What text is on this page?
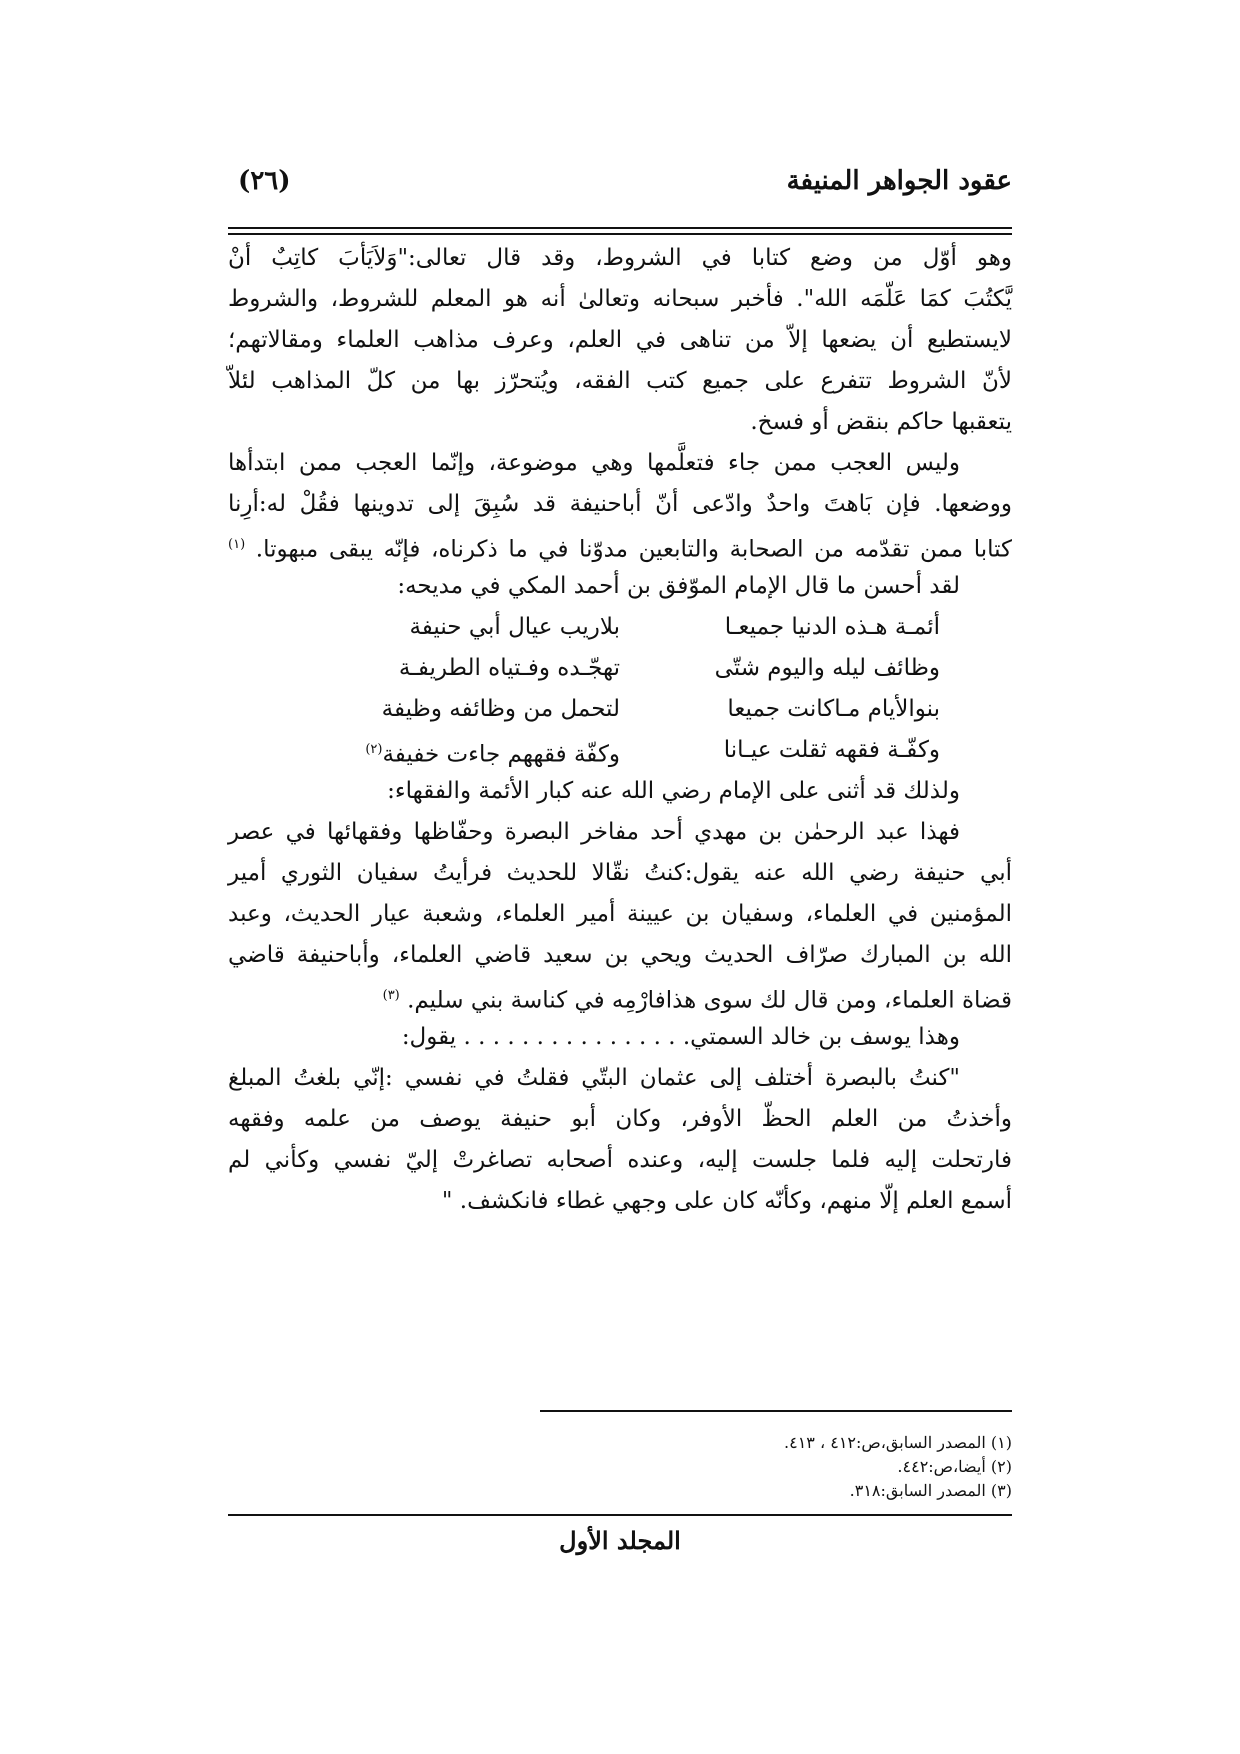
عقود الجواهر المنيفة
(٢٦)
وهو أوّل من وضع كتابا في الشروط، وقد قال تعالى:"وَلاَيَأبَ كاتِبٌ أنْ
يَّكتُبَ كمَا عَلّمَه الله". فأخبر سبحانه وتعالىٰ أنه هو المعلم للشروط، والشروط
لايستطيع أن يضعها إلاّ من تناهى في العلم، وعرف مذاهب العلماء ومقالاتهم؛
لأنّ الشروط تتفرع على جميع كتب الفقه، ويُتحرّز بها من كلّ المذاهب لئلاّ
يتعقبها حاكم بنقض أو فسخ.
وليس العجب ممن جاء فتعلَّمها وهي موضوعة، وإنّما العجب ممن ابتدأها
ووضعها. فإن بَاهتَ واحدٌ وادّعى أنّ أباحنيفة قد سُبِقَ إلى تدوينها فقُلْ له:أرِنا
كتابا ممن تقدّمه من الصحابة والتابعين مدوّنا في ما ذكرناه، فإنّه يبقى مبهوتا. $^{(١)}$
لقد أحسن ما قال الإمام الموّفق بن أحمد المكي في مديحه:
أئمـة هـذه الدنيا جميعـا
بلاريب عيال أبي حنيفة
وظائف ليله واليوم شتّى
تهجّـده وفـتياه الطريفـة
بنوالأيام مـاكانت جميعا
لتحمل من وظائفه وظيفة
وكفّـة فقهه ثقلت عيـانا
وكفّة فقههم جاءت خفيفة$^{(٢)}$
ولذلك قد أثنى على الإمام رضي الله عنه كبار الأئمة والفقهاء:
فهذا عبد الرحمٰن بن مهدي أحد مفاخر البصرة وحفّاظها وفقهائها في عصر
أبي حنيفة رضي الله عنه يقول:كنتُ نقّالا للحديث فرأيتُ سفيان الثوري أمير
المؤمنين في العلماء، وسفيان بن عيينة أمير العلماء، وشعبة عيار الحديث، وعبد
الله بن المبارك صرّاف الحديث ويحي بن سعيد قاضي العلماء، وأباحنيفة قاضي
قضاة العلماء، ومن قال لك سوى هذافارْمِه في كناسة بني سليم. $^{(٣)}$
وهذا يوسف بن خالد السمتي. . . . . . . . . . . . . . . . يقول:
"كنتُ بالبصرة أختلف إلى عثمان البتّي فقلتُ في نفسي :إنّي بلغتُ المبلغ
وأخذتُ من العلم الحظّ الأوفر، وكان أبو حنيفة يوصف من علمه وفقهه
فارتحلت إليه فلما جلست إليه، وعنده أصحابه تصاغرتْ إليّ نفسي وكأني لم
أسمع العلم إلّا منهم، وكأنّه كان على وجهي غطاء فانكشف. "
(١) المصدر السابق،ص:٤١٢ ، ٤١٣.
(٢) أيضا،ص:٤٤٢.
(٣) المصدر السابق:٣١٨.
المجلد الأول
